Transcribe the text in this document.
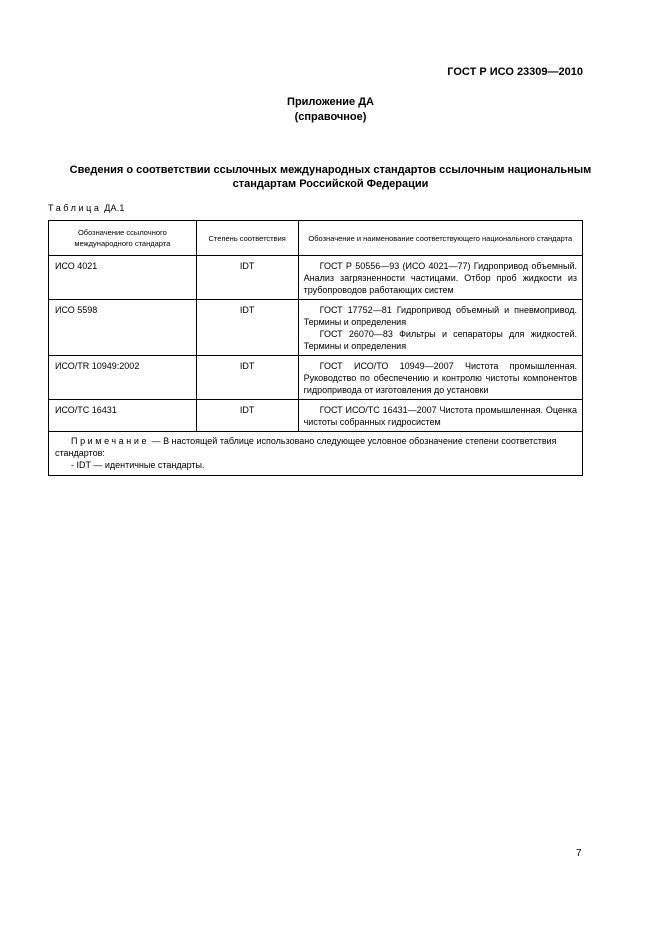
ГОСТ Р ИСО 23309—2010
Приложение ДА
(справочное)
Сведения о соответствии ссылочных международных стандартов ссылочным национальным стандартам Российской Федерации
Таблица ДА.1
Обозначение ссылочного международного стандарта	Степень соответствия	Обозначение и наименование соответствующего национального стандарта
ИСО 4021	IDT	ГОСТ Р 50556—93 (ИСО 4021—77) Гидропривод объемный. Анализ загрязненности частицами. Отбор проб жидкости из трубопроводов работающих систем

ИСО 5598	IDT	ГОСТ 17752—81 Гидропривод объемный и пневмопривод. Термины и определения

ГОСТ 26070—83 Фильтры и сепараторы для жидкостей. Термины и определения

ИСО/TR 10949:2002	IDT	ГОСТ ИСО/ТО 10949—2007 Чистота промышленная. Руководство по обеспечению и контролю чистоты компонентов гидропривода от изготовления до установки

ИСО/ТС 16431	IDT	ГОСТ ИСО/ТС 16431—2007 Чистота промышленная. Оценка чистоты собранных гидросистем

Примечание — В настоящей таблице использовано следующее условное обозначение степени соответствия стандартов:
- IDT — идентичные стандарты.		
7
